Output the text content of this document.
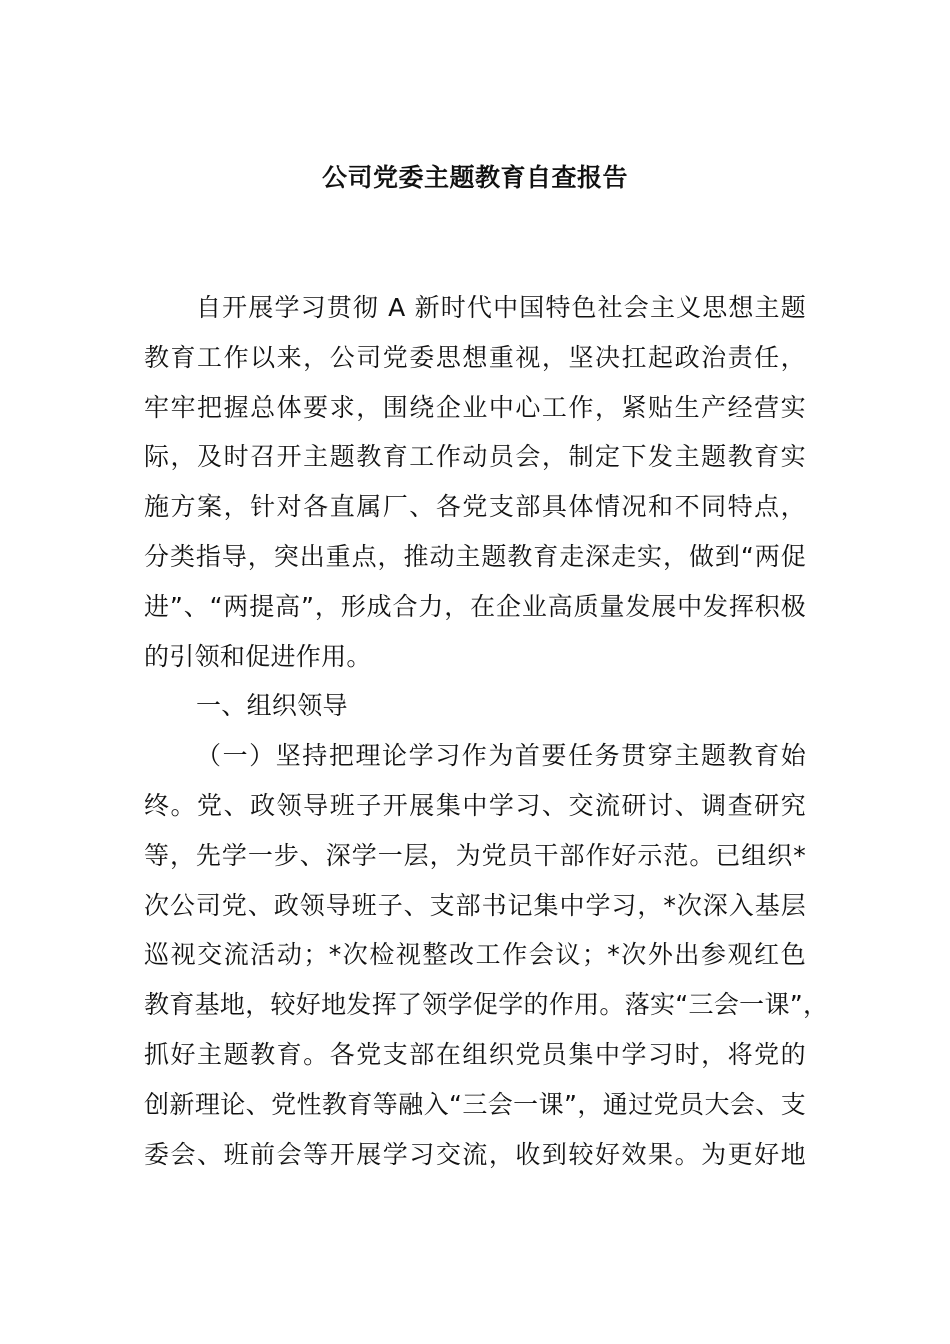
公司党委主题教育自查报告
自开展学习贯彻 A 新时代中国特色社会主义思想主题
教育工作以来，公司党委思想重视，坚决扛起政治责任，
牢牢把握总体要求，围绕企业中心工作，紧贴生产经营实
际，及时召开主题教育工作动员会，制定下发主题教育实
施方案，针对各直属厂、各党支部具体情况和不同特点，
分类指导，突出重点，推动主题教育走深走实，做到“两促
进”、“两提高”，形成合力，在企业高质量发展中发挥积极
的引领和促进作用。
一、组织领导
（一）坚持把理论学习作为首要任务贯穿主题教育始
终。党、政领导班子开展集中学习、交流研讨、调查研究
等，先学一步、深学一层，为党员干部作好示范。已组织*
次公司党、政领导班子、支部书记集中学习，*次深入基层
巡视交流活动；*次检视整改工作会议；*次外出参观红色
教育基地，较好地发挥了领学促学的作用。落实“三会一课”，
抓好主题教育。各党支部在组织党员集中学习时，将党的
创新理论、党性教育等融入“三会一课”，通过党员大会、支
委会、班前会等开展学习交流，收到较好效果。为更好地
